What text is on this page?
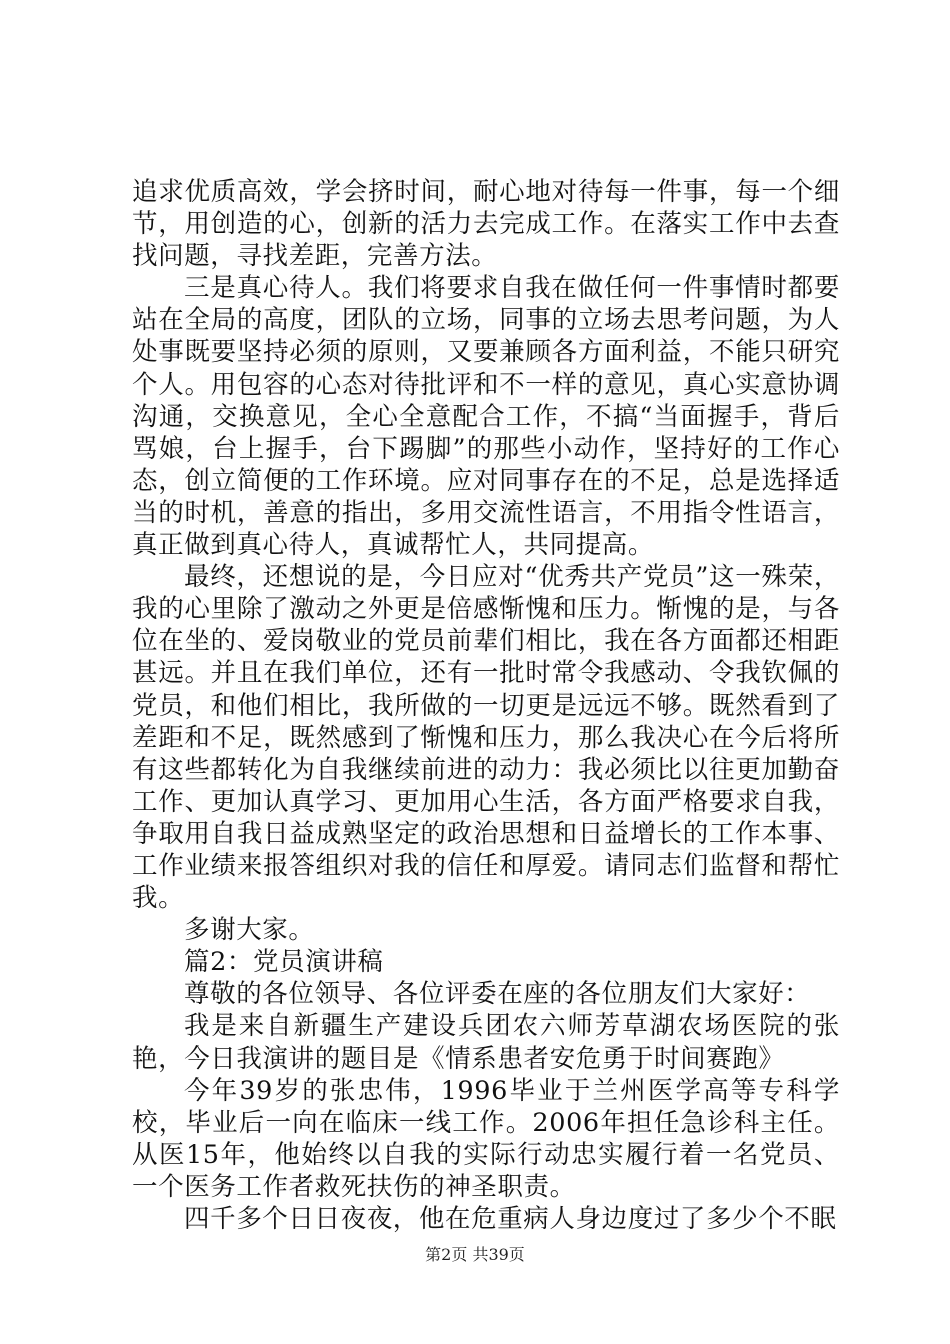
追求优质高效，学会挤时间，耐心地对待每一件事，每一个细节，用创造的心，创新的活力去完成工作。在落实工作中去查找问题，寻找差距，完善方法。

三是真心待人。我们将要求自我在做任何一件事情时都要站在全局的高度，团队的立场，同事的立场去思考问题，为人处事既要坚持必须的原则，又要兼顾各方面利益，不能只研究个人。用包容的心态对待批评和不一样的意见，真心实意协调沟通，交换意见，全心全意配合工作，不搞“当面握手，背后骂娘，台上握手，台下踢脚”的那些小动作，坚持好的工作心态，创立简便的工作环境。应对同事存在的不足，总是选择适当的时机，善意的指出，多用交流性语言，不用指令性语言，真正做到真心待人，真诚帮忙人，共同提高。

最终，还想说的是，今日应对“优秀共产党员”这一殊荣，我的心里除了激动之外更是倍感惭愧和压力。惭愧的是，与各位在坐的、爱岗敬业的党员前辈们相比，我在各方面都还相距甚远。并且在我们单位，还有一批时常令我感动、令我钦佩的党员，和他们相比，我所做的一切更是远远不够。既然看到了差距和不足，既然感到了惭愧和压力，那么我决心在今后将所有这些都转化为自我继续前进的动力：我必须比以往更加勤奋工作、更加认真学习、更加用心生活，各方面严格要求自我，争取用自我日益成熟坚定的政治思想和日益增长的工作本事、工作业绩来报答组织对我的信任和厚爱。请同志们监督和帮忙我。

多谢大家。

篇2：党员演讲稿

尊敬的各位领导、各位评委在座的各位朋友们大家好：

我是来自新疆生产建设兵团农六师芳草湖农场医院的张艳，今日我演讲的题目是《情系患者安危勇于时间赛跑》

今年39岁的张忠伟，1996毕业于兰州医学高等专科学校，毕业后一向在临床一线工作。2006年担任急诊科主任。从医15年，他始终以自我的实际行动忠实履行着一名党员、一个医务工作者救死扶伤的神圣职责。

四千多个日日夜夜，他在危重病人身边度过了多少个不眠

第2页 共39页
